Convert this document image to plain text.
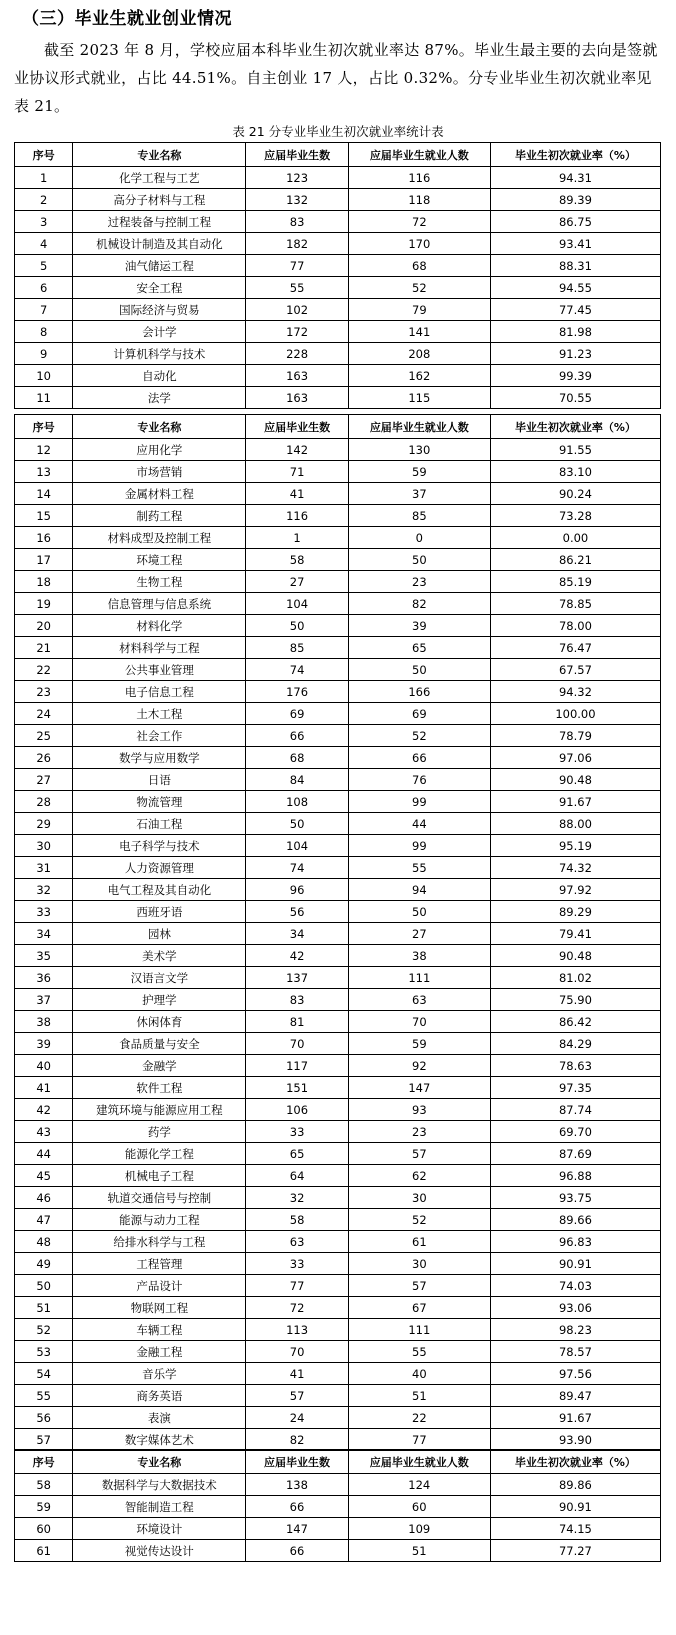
（三）毕业生就业创业情况
截至 2023 年 8 月，学校应届本科毕业生初次就业率达 87%。毕业生最主要的去向是签就业协议形式就业，占比 44.51%。自主创业 17 人，占比 0.32%。分专业毕业生初次就业率见表 21。
表 21 分专业毕业生初次就业率统计表
序号	专业名称	应届毕业生数	应届毕业生就业人数	毕业生初次就业率（%）
1	化学工程与工艺	123	116	94.31
2	高分子材料与工程	132	118	89.39
3	过程装备与控制工程	83	72	86.75
4	机械设计制造及其自动化	182	170	93.41
5	油气储运工程	77	68	88.31
6	安全工程	55	52	94.55
7	国际经济与贸易	102	79	77.45
8	会计学	172	141	81.98
9	计算机科学与技术	228	208	91.23
10	自动化	163	162	99.39
11	法学	163	115	70.55
序号	专业名称	应届毕业生数	应届毕业生就业人数	毕业生初次就业率（%）
12	应用化学	142	130	91.55
13	市场营销	71	59	83.10
14	金属材料工程	41	37	90.24
15	制药工程	116	85	73.28
16	材料成型及控制工程	1	0	0.00
17	环境工程	58	50	86.21
18	生物工程	27	23	85.19
19	信息管理与信息系统	104	82	78.85
20	材料化学	50	39	78.00
21	材料科学与工程	85	65	76.47
22	公共事业管理	74	50	67.57
23	电子信息工程	176	166	94.32
24	土木工程	69	69	100.00
25	社会工作	66	52	78.79
26	数学与应用数学	68	66	97.06
27	日语	84	76	90.48
28	物流管理	108	99	91.67
29	石油工程	50	44	88.00
30	电子科学与技术	104	99	95.19
31	人力资源管理	74	55	74.32
32	电气工程及其自动化	96	94	97.92
33	西班牙语	56	50	89.29
34	园林	34	27	79.41
35	美术学	42	38	90.48
36	汉语言文学	137	111	81.02
37	护理学	83	63	75.90
38	休闲体育	81	70	86.42
39	食品质量与安全	70	59	84.29
40	金融学	117	92	78.63
41	软件工程	151	147	97.35
42	建筑环境与能源应用工程	106	93	87.74
43	药学	33	23	69.70
44	能源化学工程	65	57	87.69
45	机械电子工程	64	62	96.88
46	轨道交通信号与控制	32	30	93.75
47	能源与动力工程	58	52	89.66
48	给排水科学与工程	63	61	96.83
49	工程管理	33	30	90.91
50	产品设计	77	57	74.03
51	物联网工程	72	67	93.06
52	车辆工程	113	111	98.23
53	金融工程	70	55	78.57
54	音乐学	41	40	97.56
55	商务英语	57	51	89.47
56	表演	24	22	91.67
57	数字媒体艺术	82	77	93.90
序号	专业名称	应届毕业生数	应届毕业生就业人数	毕业生初次就业率（%）
58	数据科学与大数据技术	138	124	89.86
59	智能制造工程	66	60	90.91
60	环境设计	147	109	74.15
61	视觉传达设计	66	51	77.27
